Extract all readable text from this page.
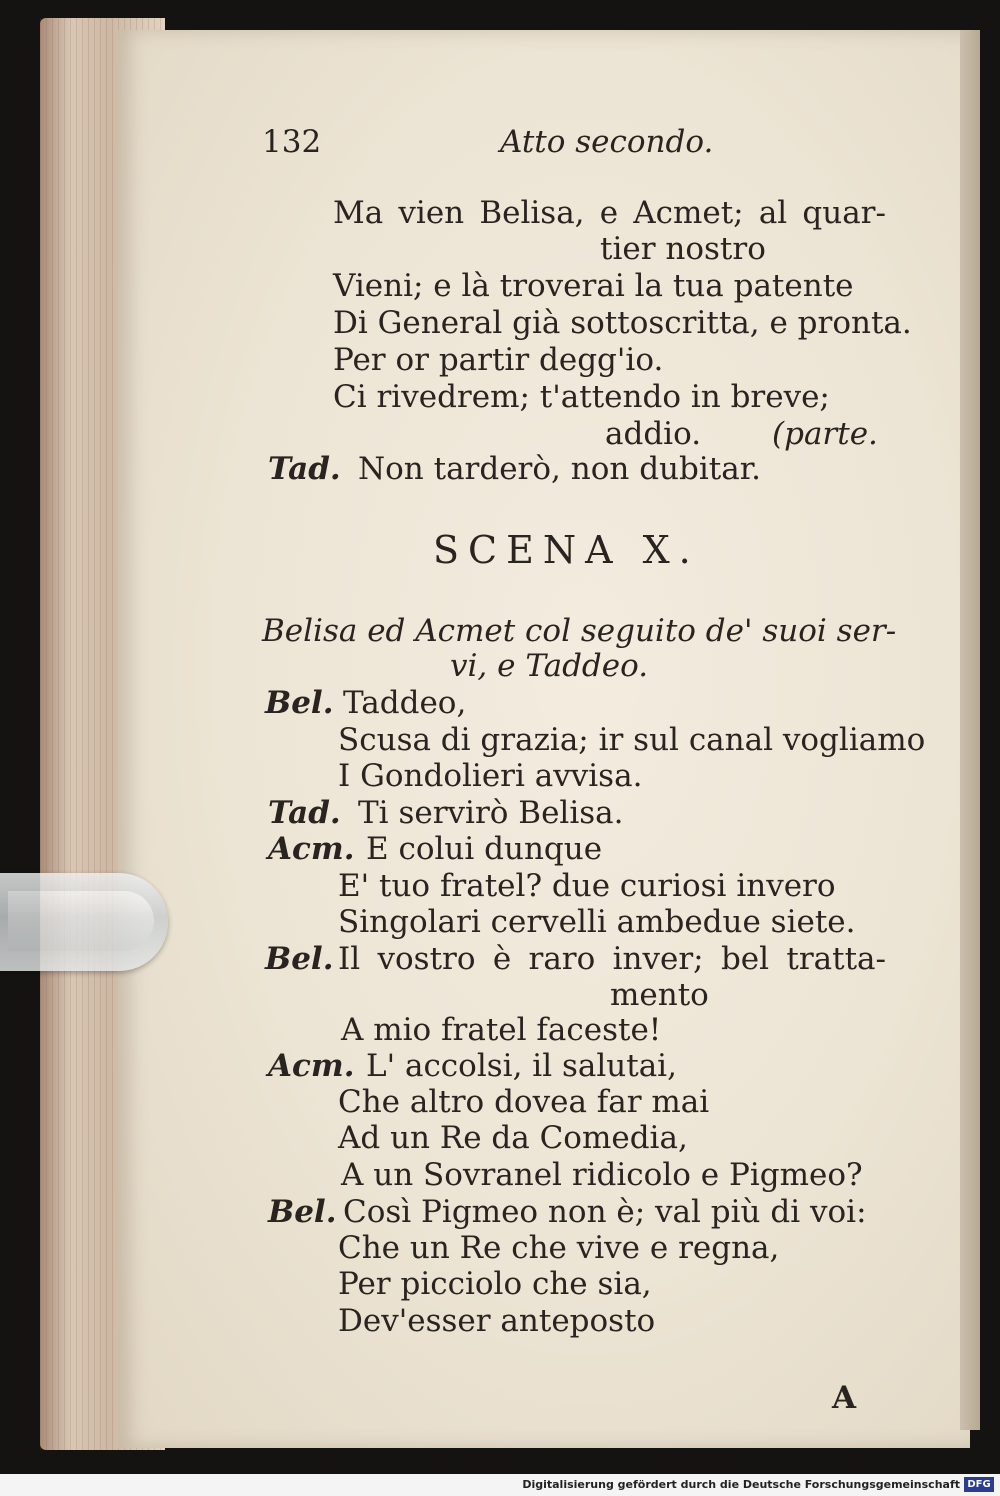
132	Atto secondo.
Ma vien Belisa, e Acmet; al quar-
tier nostro
Vieni; e là troverai la tua patente
Di General già sottoscritta, e pronta.
Per or partir degg'io.
Ci rivedrem; t'attendo in breve;
addio. (parte.
Tad. Non tarderò, non dubitar.
SCENA X.
Belisa ed Acmet col seguito de' suoi ser-
vi, e Taddeo.
Bel. Taddeo,
Scusa di grazia; ir sul canal vogliamo
I Gondolieri avvisa.
Tad. Ti servirò Belisa.
Acm. E colui dunque
E' tuo fratel? due curiosi invero
Singolari cervelli ambedue siete.
Bel. Il vostro è raro inver; bel tratta-
mento
A mio fratel faceste!
Acm. L' accolsi, il salutai,
Che altro dovea far mai
Ad un Re da Comedia,
A un Sovranel ridicolo e Pigmeo?
Bel. Così Pigmeo non è; val più di voi:
Che un Re che vive e regna,
Per picciolo che sia,
Dev'esser anteposto
A
Digitalisierung gefördert durch die Deutsche Forschungsgemeinschaft DFG
